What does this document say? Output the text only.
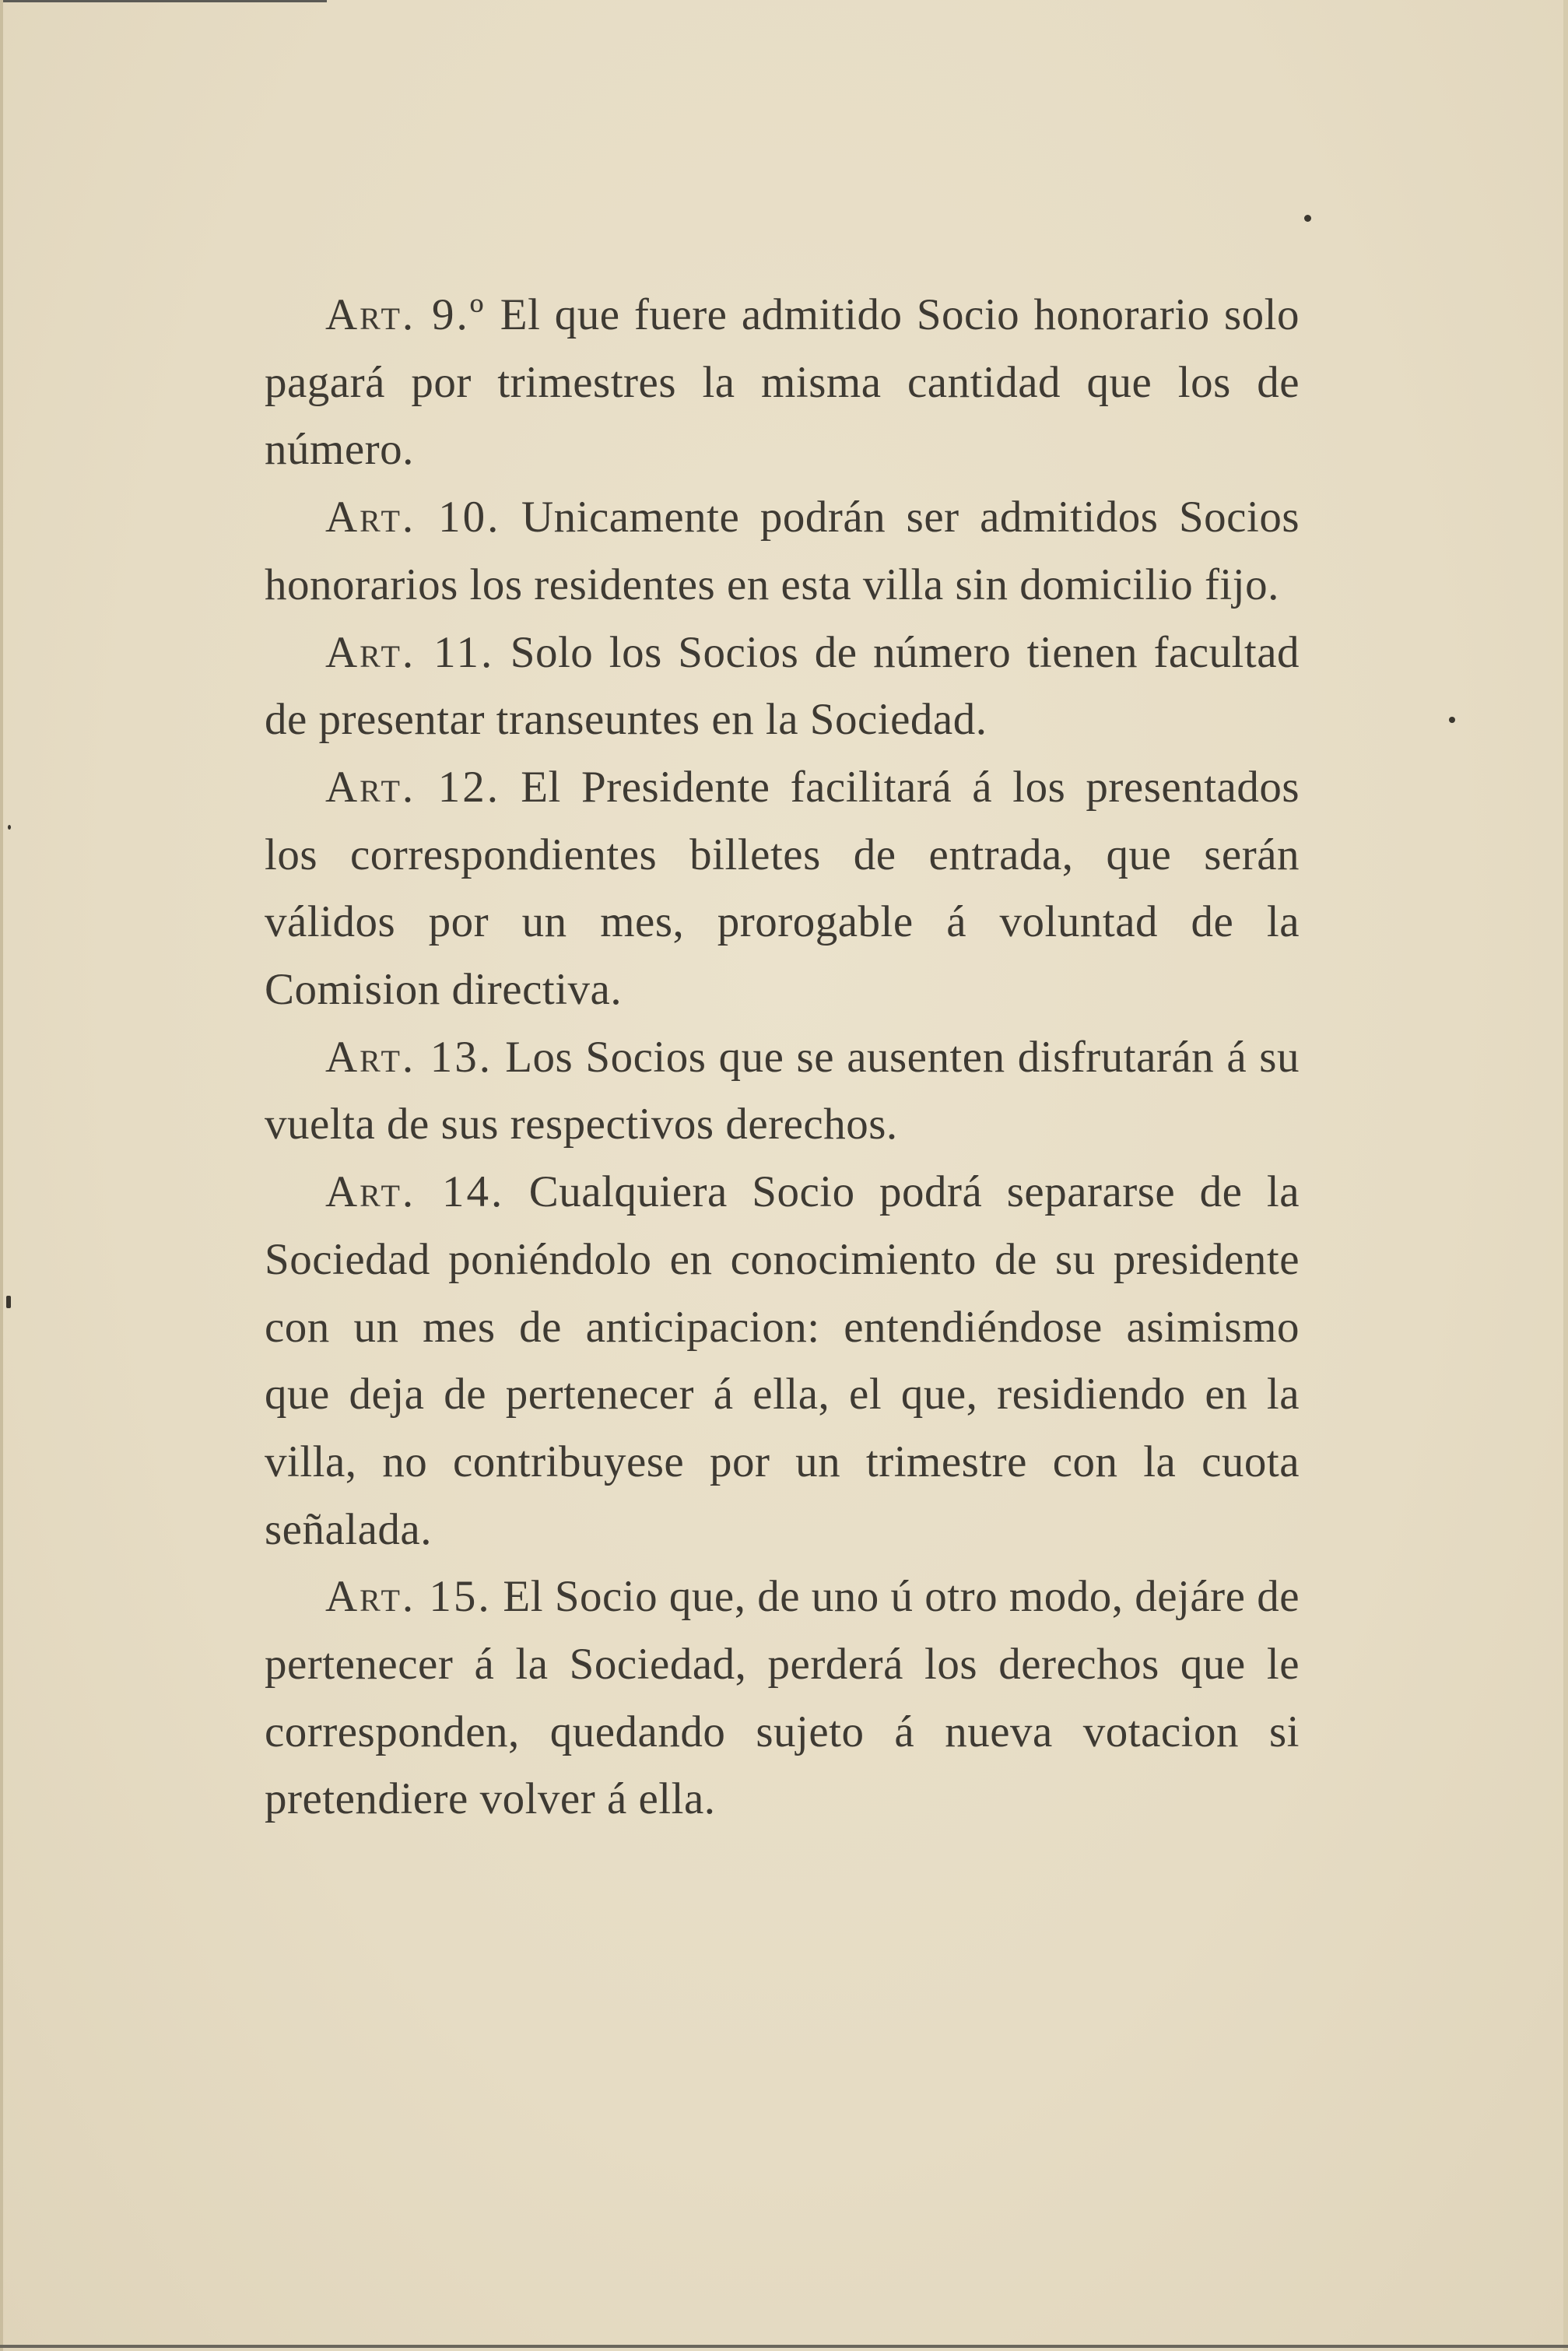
Art. 9.º El que fuere admitido Socio honorario solo pagará por trimestres la misma cantidad que los de número.

Art. 10. Unicamente podrán ser admitidos Socios honorarios los residentes en esta villa sin domicilio fijo.

Art. 11. Solo los Socios de número tienen facultad de presentar transeuntes en la Sociedad.

Art. 12. El Presidente facilitará á los presentados los correspondientes billetes de entrada, que serán válidos por un mes, prorogable á voluntad de la Comision directiva.

Art. 13. Los Socios que se ausenten disfrutarán á su vuelta de sus respectivos derechos.

Art. 14. Cualquiera Socio podrá separarse de la Sociedad poniéndolo en conocimiento de su presidente con un mes de anticipacion: entendiéndose asimismo que deja de pertenecer á ella, el que, residiendo en la villa, no contribuyese por un trimestre con la cuota señalada.

Art. 15. El Socio que, de uno ú otro modo, dejáre de pertenecer á la Sociedad, perderá los derechos que le corresponden, quedando sujeto á nueva votacion si pretendiere volver á ella.
